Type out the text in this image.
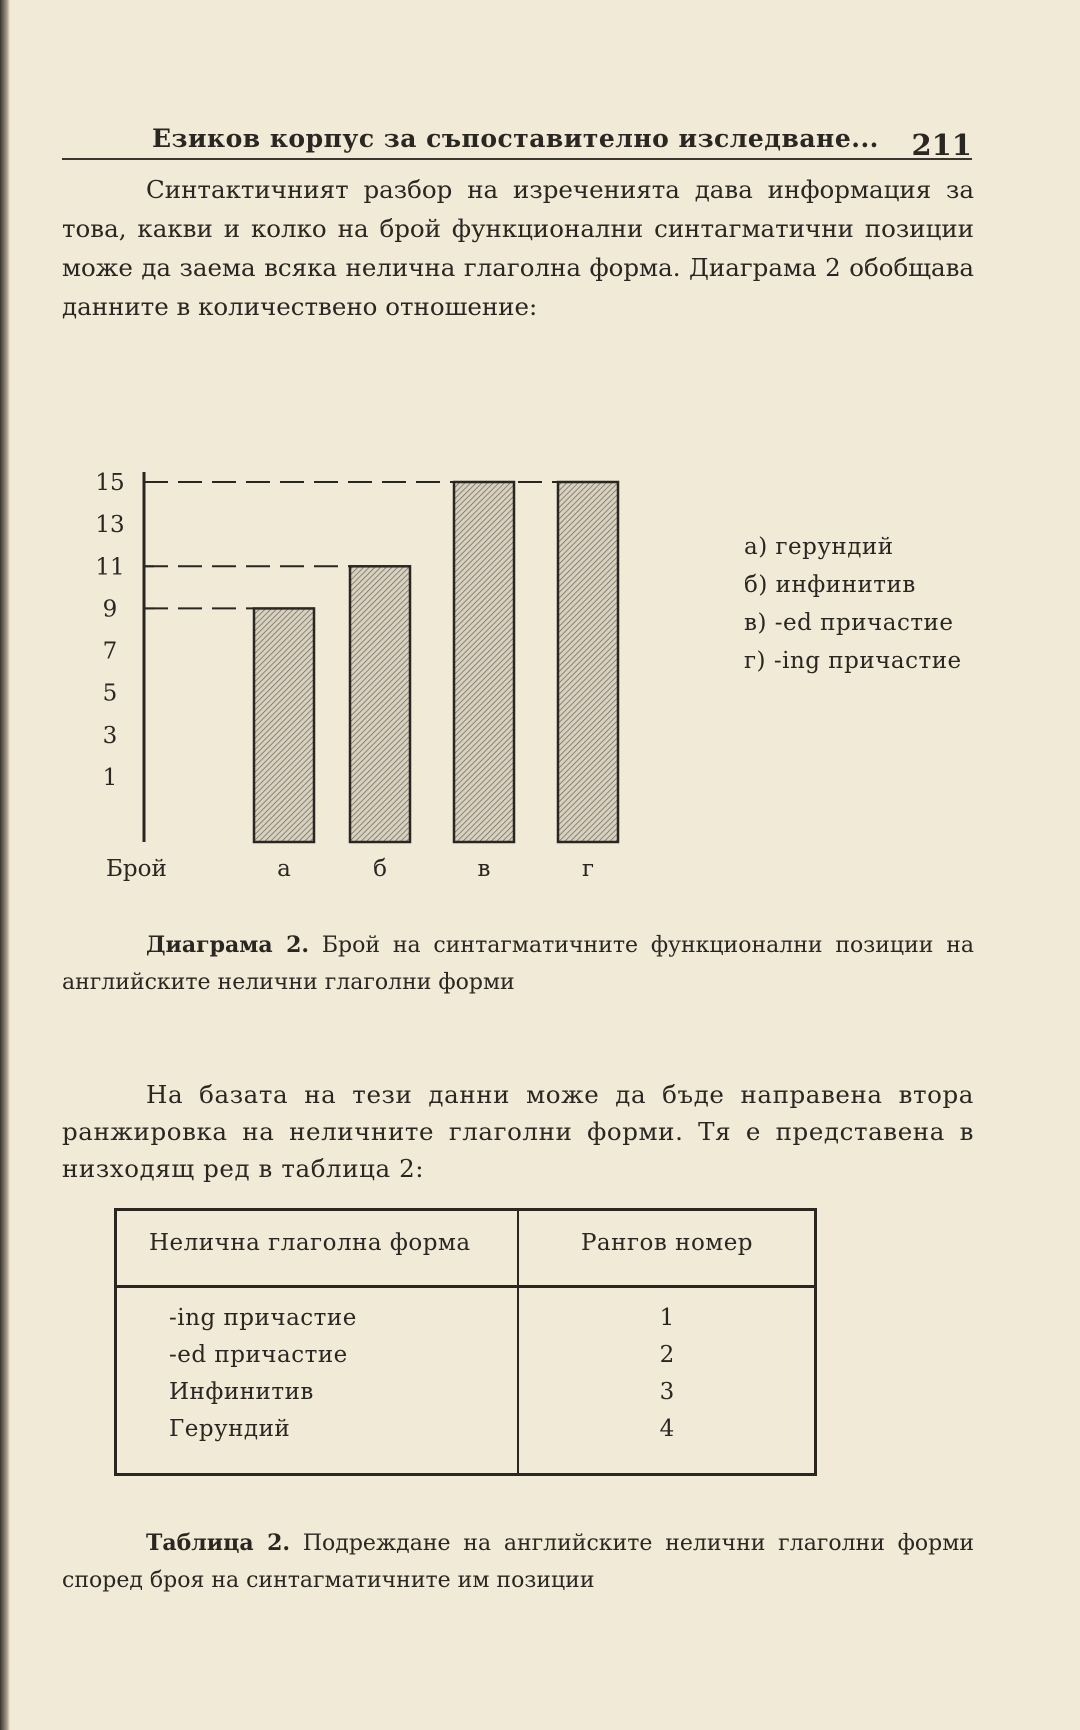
Езиков корпус за съпоставително изследване... 211

Синтактичният разбор на изреченията дава информация за това, какви и колко на брой функционални синтагматични позиции може да заема всяка нелична глаголна форма. Диаграма 2 обобщава данните в количествено отношение:

1
3
5
7
9
11
13
15
а	б	в	г
Брой
а) герундий
б) инфинитив
в) -ed причастие
г) -ing причастие

Диаграма 2. Брой на синтагматичните функционални позиции на английските нелични глаголни форми

На базата на тези данни може да бъде направена втора ранжировка на неличните глаголни форми. Тя е представена в низходящ ред в таблица 2:

Нелична глаголна форма	Рангов номер
-ing причастие	1
-ed причастие	2
Инфинитив	3
Герундий	4

Таблица 2. Подреждане на английските нелични глаголни форми според броя на синтагматичните им позиции
